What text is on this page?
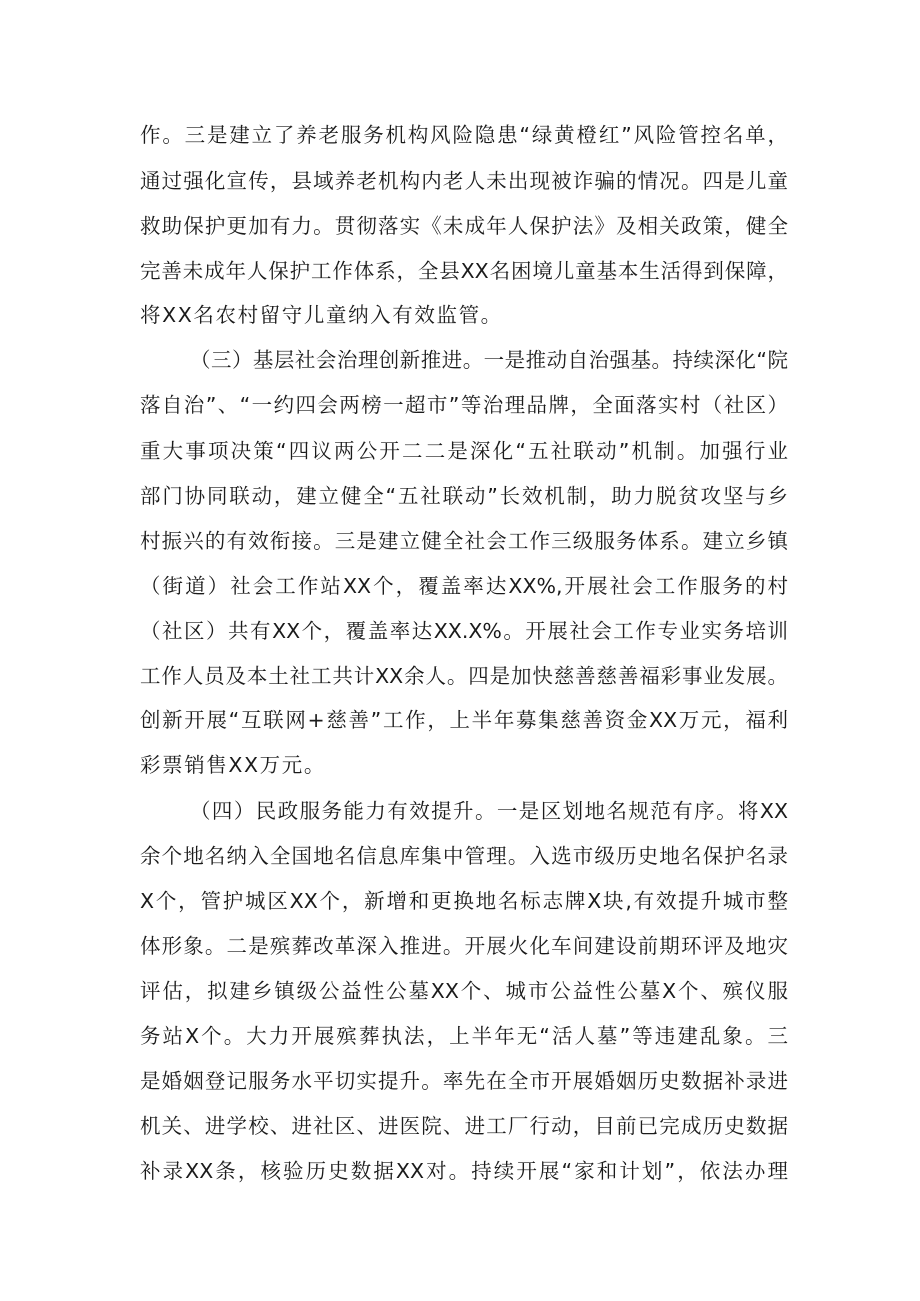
作。三是建立了养老服务机构风险隐患“绿黄橙红”风险管控名单，
通过强化宣传，县域养老机构内老人未出现被诈骗的情况。四是儿童
救助保护更加有力。贯彻落实《未成年人保护法》及相关政策，健全
完善未成年人保护工作体系，全县XX名困境儿童基本生活得到保障，
将XX名农村留守儿童纳入有效监管。
（三）基层社会治理创新推进。一是推动自治强基。持续深化“院
落自治”、“一约四会两榜一超市”等治理品牌，全面落实村（社区）
重大事项决策“四议两公开二二是深化“五社联动”机制。加强行业
部门协同联动，建立健全“五社联动”长效机制，助力脱贫攻坚与乡
村振兴的有效衔接。三是建立健全社会工作三级服务体系。建立乡镇
（街道）社会工作站XX个，覆盖率达XX%,开展社会工作服务的村
（社区）共有XX个，覆盖率达XX.X%。开展社会工作专业实务培训
工作人员及本土社工共计XX余人。四是加快慈善慈善福彩事业发展。
创新开展“互联网+慈善”工作，上半年募集慈善资金XX万元，福利
彩票销售XX万元。
（四）民政服务能力有效提升。一是区划地名规范有序。将XX
余个地名纳入全国地名信息库集中管理。入选市级历史地名保护名录
X个，管护城区XX个，新增和更换地名标志牌X块,有效提升城市整
体形象。二是殡葬改革深入推进。开展火化车间建设前期环评及地灾
评估，拟建乡镇级公益性公墓XX个、城市公益性公墓X个、殡仪服
务站X个。大力开展殡葬执法，上半年无“活人墓”等违建乱象。三
是婚姻登记服务水平切实提升。率先在全市开展婚姻历史数据补录进
机关、进学校、进社区、进医院、进工厂行动，目前已完成历史数据
补录XX条，核验历史数据XX对。持续开展“家和计划”，依法办理
